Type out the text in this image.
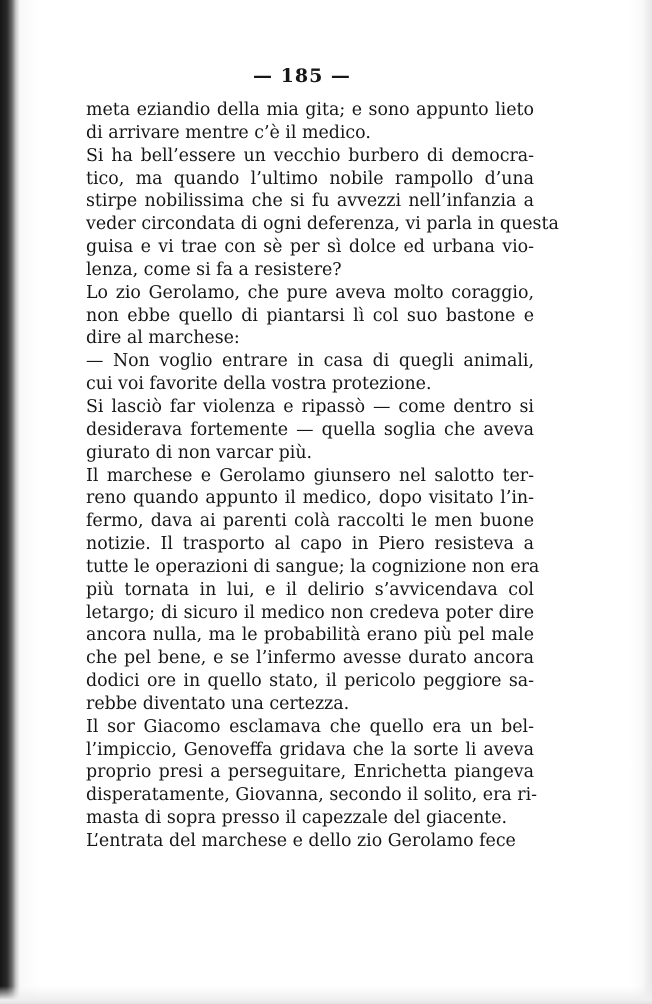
— 185 —
meta eziandio della mia gita; e sono appunto lieto
di arrivare mentre c’è il medico.
Si ha bell’essere un vecchio burbero di democra-
tico, ma quando l’ultimo nobile rampollo d’una
stirpe nobilissima che si fu avvezzi nell’infanzia a
veder circondata di ogni deferenza, vi parla in questa
guisa e vi trae con sè per sì dolce ed urbana vio-
lenza, come si fa a resistere?
Lo zio Gerolamo, che pure aveva molto coraggio,
non ebbe quello di piantarsi lì col suo bastone e
dire al marchese:
— Non voglio entrare in casa di quegli animali,
cui voi favorite della vostra protezione.
Si lasciò far violenza e ripassò — come dentro si
desiderava fortemente — quella soglia che aveva
giurato di non varcar più.
Il marchese e Gerolamo giunsero nel salotto ter-
reno quando appunto il medico, dopo visitato l’in-
fermo, dava ai parenti colà raccolti le men buone
notizie. Il trasporto al capo in Piero resisteva a
tutte le operazioni di sangue; la cognizione non era
più tornata in lui, e il delirio s’avvicendava col
letargo; di sicuro il medico non credeva poter dire
ancora nulla, ma le probabilità erano più pel male
che pel bene, e se l’infermo avesse durato ancora
dodici ore in quello stato, il pericolo peggiore sa-
rebbe diventato una certezza.
Il sor Giacomo esclamava che quello era un bel-
l’impiccio, Genoveffa gridava che la sorte li aveva
proprio presi a perseguitare, Enrichetta piangeva
disperatamente, Giovanna, secondo il solito, era ri-
masta di sopra presso il capezzale del giacente.
L’entrata del marchese e dello zio Gerolamo fece
